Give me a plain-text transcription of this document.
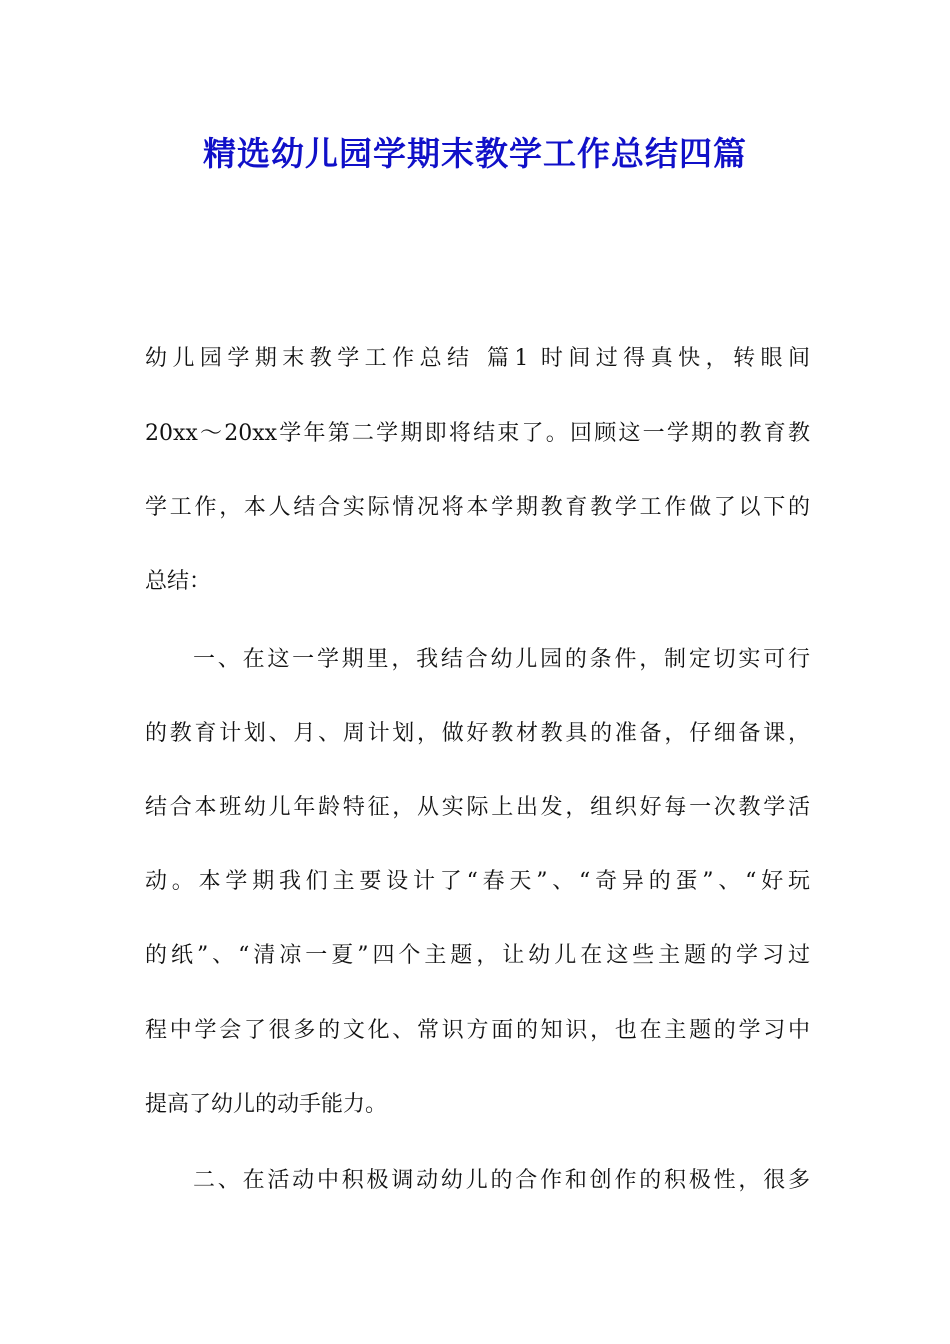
精选幼儿园学期末教学工作总结四篇

幼儿园学期末教学工作总结 篇1 时间过得真快，转眼间

20xx～20xx学年第二学期即将结束了。回顾这一学期的教育教

学工作，本人结合实际情况将本学期教育教学工作做了以下的

总结：

一、在这一学期里，我结合幼儿园的条件，制定切实可行

的教育计划、月、周计划，做好教材教具的准备，仔细备课，

结合本班幼儿年龄特征，从实际上出发，组织好每一次教学活

动。本学期我们主要设计了“春天”、“奇异的蛋”、“好玩

的纸”、“清凉一夏”四个主题，让幼儿在这些主题的学习过

程中学会了很多的文化、常识方面的知识，也在主题的学习中

提高了幼儿的动手能力。

二、在活动中积极调动幼儿的合作和创作的积极性，很多
